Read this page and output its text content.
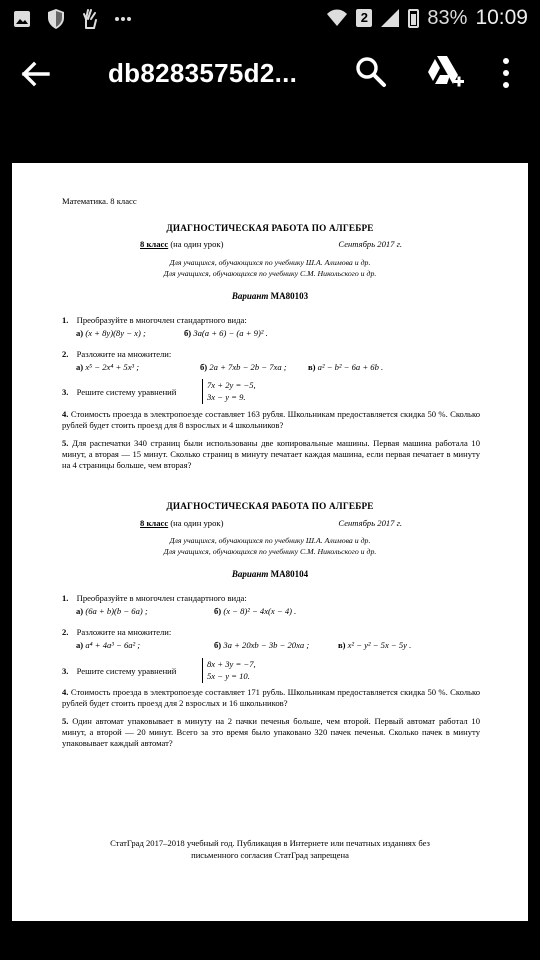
2	83% 10:09
db8283575d2...
Математика. 8 класс
ДИАГНОСТИЧЕСКАЯ РАБОТА ПО АЛГЕБРЕ
8 класс (на один урок)	Сентябрь 2017 г.
Для учащихся, обучающихся по учебнику Ш.А. Алимова и др.
Для учащихся, обучающихся по учебнику С.М. Никольского и др.
Вариант МА80103
1. Преобразуйте в многочлен стандартного вида:
а) (x + 8y)(8y − x) ;	б) 3a(a + 6) − (a + 9)² .
2. Разложите на множители:
а) x⁵ − 2x⁴ + 5x³ ;	б) 2a + 7xb − 2b − 7xa ; в) a² − b² − 6a + 6b .
3. Решите систему уравнений
7x + 2y = −5,
3x − y = 9.
4. Стоимость проезда в электропоезде составляет 163 рубля. Школьникам предоставляется скидка 50 %. Сколько рублей будет стоить проезд для 8 взрослых и 4 школьников?
5. Для распечатки 340 страниц были использованы две копировальные машины. Первая машина работала 10 минут, а вторая — 15 минут. Сколько страниц в минуту печатает каждая машина, если первая печатает в минуту на 4 страницы больше, чем вторая?
ДИАГНОСТИЧЕСКАЯ РАБОТА ПО АЛГЕБРЕ
8 класс (на один урок)	Сентябрь 2017 г.
Для учащихся, обучающихся по учебнику Ш.А. Алимова и др.
Для учащихся, обучающихся по учебнику С.М. Никольского и др.
Вариант МА80104
1. Преобразуйте в многочлен стандартного вида:
а) (6a + b)(b − 6a) ;	б) (x − 8)² − 4x(x − 4) .
2. Разложите на множители:
а) a⁴ + 4a³ − 6a² ;	б) 3a + 20xb − 3b − 20xa ;	в) x² − y² − 5x − 5y .
3. Решите систему уравнений
8x + 3y = −7,
5x − y = 10.
4. Стоимость проезда в электропоезде составляет 171 рубль. Школьникам предоставляется скидка 50 %. Сколько рублей будет стоить проезд для 2 взрослых и 16 школьников?
5. Один автомат упаковывает в минуту на 2 пачки печенья больше, чем второй. Первый автомат работал 10 минут, а второй — 20 минут. Всего за это время было упаковано 320 пачек печенья. Сколько пачек в минуту упаковывает каждый автомат?
СтатГрад 2017–2018 учебный год. Публикация в Интернете или печатных изданиях без
письменного согласия СтатГрад запрещена
